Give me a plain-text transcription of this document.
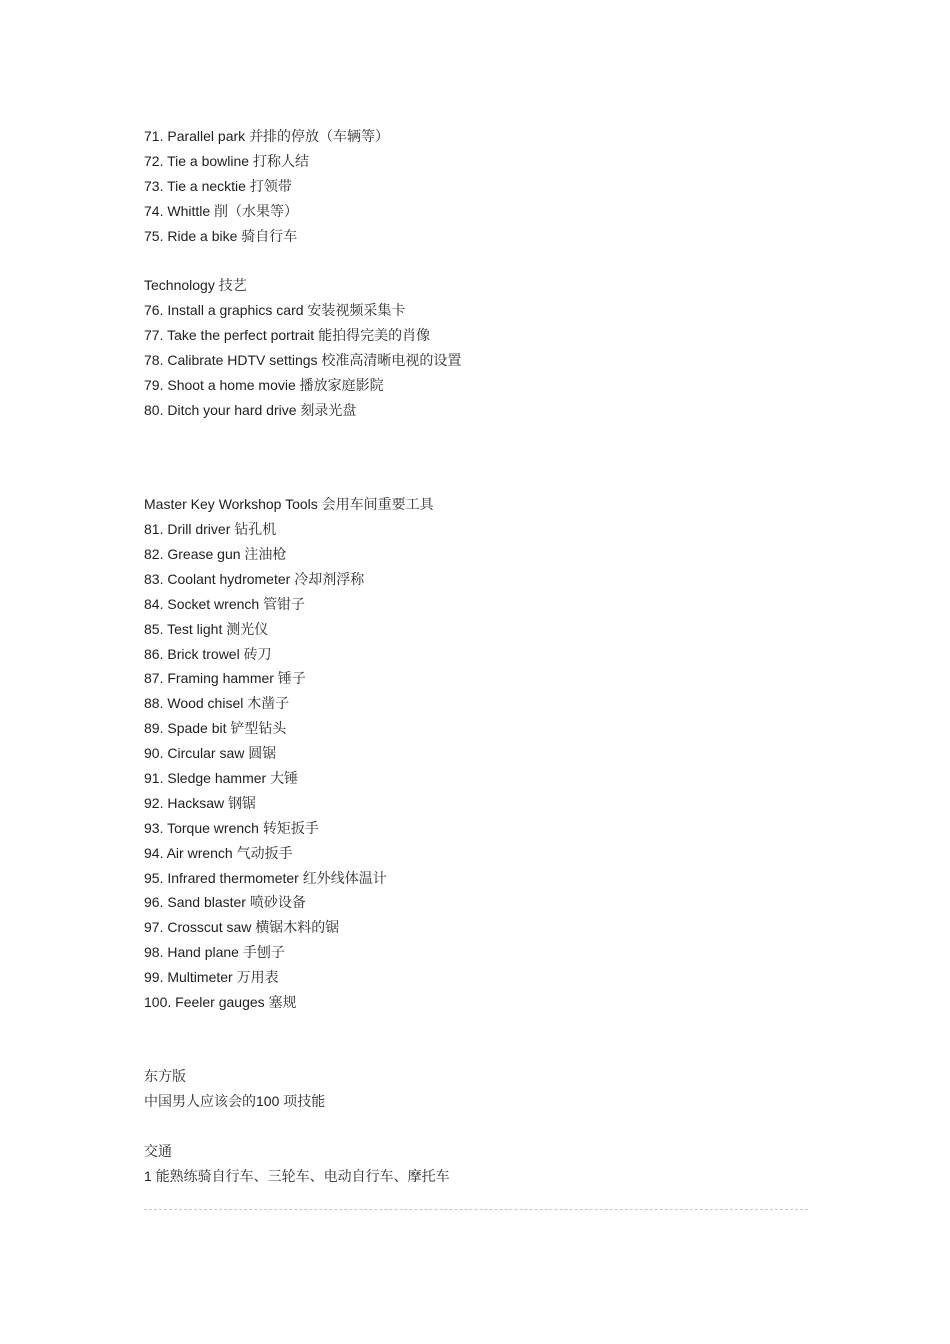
71. Parallel park 并排的停放（车辆等）
72. Tie a bowline 打称人结
73. Tie a necktie 打领带
74. Whittle 削（水果等）
75. Ride a bike 骑自行车
Technology 技艺
76. Install a graphics card 安装视频采集卡
77. Take the perfect portrait 能拍得完美的肖像
78. Calibrate HDTV settings 校准高清晰电视的设置
79. Shoot a home movie 播放家庭影院
80. Ditch your hard drive 刻录光盘
Master Key Workshop Tools 会用车间重要工具
81. Drill driver 钻孔机
82. Grease gun 注油枪
83. Coolant hydrometer 冷却剂浮称
84. Socket wrench 管钳子
85. Test light 测光仪
86. Brick trowel 砖刀
87. Framing hammer 锤子
88. Wood chisel 木凿子
89. Spade bit 铲型钻头
90. Circular saw 圆锯
91. Sledge hammer 大锤
92. Hacksaw 钢锯
93. Torque wrench 转矩扳手
94. Air wrench 气动扳手
95. Infrared thermometer 红外线体温计
96. Sand blaster 喷砂设备
97. Crosscut saw 横锯木料的锯
98. Hand plane 手刨子
99. Multimeter 万用表
100. Feeler gauges 塞规
东方版
中国男人应该会的100 项技能
交通
1 能熟练骑自行车、三轮车、电动自行车、摩托车
